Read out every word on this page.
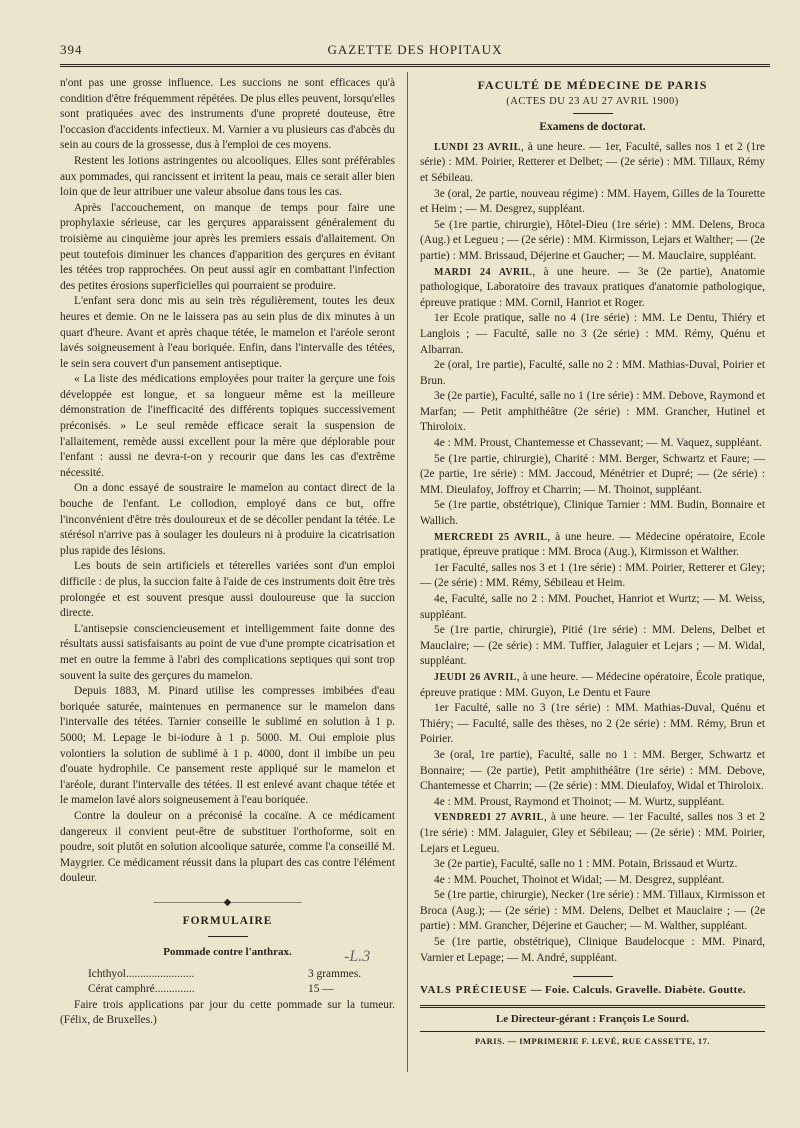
394	GAZETTE DES HOPITAUX

n'ont pas une grosse influence. Les succions ne sont efficaces qu'à condition d'être fréquemment répétées. De plus elles peuvent, lorsqu'elles sont pratiquées avec des instruments d'une propreté douteuse, être l'occasion d'accidents infectieux. M. Varnier a vu plusieurs cas d'abcès du sein au cours de la grossesse, dus à l'emploi de ces moyens.

Restent les lotions astringentes ou alcooliques. Elles sont préférables aux pommades, qui rancissent et irritent la peau, mais ce serait aller bien loin que de leur attribuer une valeur absolue dans tous les cas.

Après l'accouchement, on manque de temps pour faire une prophylaxie sérieuse, car les gerçures apparaissent généralement du troisième au cinquième jour après les premiers essais d'allaitement. On peut toutefois diminuer les chances d'apparition des gerçures en évitant les tétées trop rapprochées. On peut aussi agir en combattant l'infection des petites érosions superficielles qui pourraient se produire.

L'enfant sera donc mis au sein très régulièrement, toutes les deux heures et demie. On ne le laissera pas au sein plus de dix minutes à un quart d'heure. Avant et après chaque tétée, le mamelon et l'aréole seront lavés soigneusement à l'eau boriquée. Enfin, dans l'intervalle des tétées, le sein sera couvert d'un pansement antiseptique.

« La liste des médications employées pour traiter la gerçure une fois développée est longue, et sa longueur même est la meilleure démonstration de l'inefficacité des différents topiques successivement préconisés. » Le seul remède efficace serait la suspension de l'allaitement, remède aussi excellent pour la mère que déplorable pour l'enfant : aussi ne devra-t-on y recourir que dans les cas d'extrême nécessité.

On a donc essayé de soustraire le mamelon au contact direct de la bouche de l'enfant. Le collodion, employé dans ce but, offre l'inconvénient d'être très douloureux et de se décoller pendant la tétée. Le stérésol n'arrive pas à soulager les douleurs ni à produire la cicatrisation plus rapide des lésions.

Les bouts de sein artificiels et téterelles variées sont d'un emploi difficile : de plus, la succion faite à l'aide de ces instruments doit être très prolongée et est souvent presque aussi douloureuse que la succion directe.

L'antisepsie consciencieusement et intelligemment faite donne des résultats aussi satisfaisants au point de vue d'une prompte cicatrisation et met en outre la femme à l'abri des complications septiques qui sont trop souvent la suite des gerçures du mamelon.

Depuis 1883, M. Pinard utilise les compresses imbibées d'eau boriquée saturée, maintenues en permanence sur le mamelon dans l'intervalle des tétées. Tarnier conseille le sublimé en solution à 1 p. 5000; M. Lepage le bi-iodure à 1 p. 5000. M. Oui emploie plus volontiers la solution de sublimé à 1 p. 4000, dont il imbibe un peu d'ouate hydrophile. Ce pansement reste appliqué sur le mamelon et l'aréole, durant l'intervalle des tétées. Il est enlevé avant chaque tétée et le mamelon lavé alors soigneusement à l'eau boriquée.

Contre la douleur on a préconisé la cocaïne. A ce médicament dangereux il convient peut-être de substituer l'orthoforme, soit en poudre, soit plutôt en solution alcoolique saturée, comme l'a conseillé M. Maygrier. Ce médicament réussit dans la plupart des cas contre l'élément douleur.

———————◆———————
FORMULAIRE
Pommade contre l'anthrax.
Ichthyol........................	3 grammes.
Cérat camphré..............	15 —

Faire trois applications par jour du cette pommade sur la tumeur. (Félix, de Bruxelles.)

-L.3
FACULTÉ DE MÉDECINE DE PARIS
(ACTES DU 23 AU 27 AVRIL 1900)
Examens de doctorat.

LUNDI 23 AVRIL, à une heure. — 1er, Faculté, salles nos 1 et 2 (1re série) : MM. Poirier, Retterer et Delbet; — (2e série) : MM. Tillaux, Rémy et Sébileau.

3e (oral, 2e partie, nouveau régime) : MM. Hayem, Gilles de la Tourette et Heim ; — M. Desgrez, suppléant.

5e (1re partie, chirurgie), Hôtel-Dieu (1re série) : MM. Delens, Broca (Aug.) et Legueu ; — (2e série) : MM. Kirmisson, Lejars et Walther; — (2e partie) : MM. Brissaud, Déjerine et Gaucher; — M. Mauclaire, suppléant.

MARDI 24 AVRIL, à une heure. — 3e (2e partie), Anatomie pathologique, Laboratoire des travaux pratiques d'anatomie pathologique, épreuve pratique : MM. Cornil, Hanriot et Roger.

1er Ecole pratique, salle no 4 (1re série) : MM. Le Dentu, Thiéry et Langlois ; — Faculté, salle no 3 (2e série) : MM. Rémy, Quénu et Albarran.

2e (oral, 1re partie), Faculté, salle no 2 : MM. Mathias-Duval, Poirier et Brun.

3e (2e partie), Faculté, salle no 1 (1re série) : MM. Debove, Raymond et Marfan; — Petit amphithéâtre (2e série) : MM. Grancher, Hutinel et Thiroloix.

4e : MM. Proust, Chantemesse et Chassevant; — M. Vaquez, suppléant.

5e (1re partie, chirurgie), Charité : MM. Berger, Schwartz et Faure; — (2e partie, 1re série) : MM. Jaccoud, Ménétrier et Dupré; — (2e série) : MM. Dieulafoy, Joffroy et Charrin; — M. Thoinot, suppléant.

5e (1re partie, obstétrique), Clinique Tarnier : MM. Budin, Bonnaire et Wallich.

MERCREDI 25 AVRIL, à une heure. — Médecine opératoire, Ecole pratique, épreuve pratique : MM. Broca (Aug.), Kirmisson et Walther.

1er Faculté, salles nos 3 et 1 (1re série) : MM. Poirier, Retterer et Gley; — (2e série) : MM. Rémy, Sébileau et Heim.

4e, Faculté, salle no 2 : MM. Pouchet, Hanriot et Wurtz; — M. Weiss, suppléant.

5e (1re partie, chirurgie), Pitié (1re série) : MM. Delens, Delbet et Mauclaire; — (2e série) : MM. Tuffier, Jalaguier et Lejars ; — M. Widal, suppléant.

JEUDI 26 AVRIL, à une heure. — Médecine opératoire, École pratique, épreuve pratique : MM. Guyon, Le Dentu et Faure

1er Faculté, salle no 3 (1re série) : MM. Mathias-Duval, Quénu et Thiéry; — Faculté, salle des thèses, no 2 (2e série) : MM. Rémy, Brun et Poirier.

3e (oral, 1re partie), Faculté, salle no 1 : MM. Berger, Schwartz et Bonnaire; — (2e partie), Petit amphithéâtre (1re série) : MM. Debove, Chantemesse et Charrin; — (2e série) : MM. Dieulafoy, Widal et Thiroloix.

4e : MM. Proust, Raymond et Thoinot; — M. Wurtz, suppléant.

VENDREDI 27 AVRIL, à une heure. — 1er Faculté, salles nos 3 et 2 (1re série) : MM. Jalaguier, Gley et Sébileau; — (2e série) : MM. Poirier, Lejars et Legueu.

3e (2e partie), Faculté, salle no 1 : MM. Potain, Brissaud et Wurtz.

4e : MM. Pouchet, Thoinot et Widal; — M. Desgrez, suppléant.

5e (1re partie, chirurgie), Necker (1re série) : MM. Tillaux, Kirmisson et Broca (Aug.); — (2e série) : MM. Delens, Delbet et Mauclaire ; — (2e partie) : MM. Grancher, Déjerine et Gaucher; — M. Walther, suppléant.

5e (1re partie, obstétrique), Clinique Baudelocque : MM. Pinard, Varnier et Lepage; — M. André, suppléant.

VALS PRÉCIEUSE — Foie. Calculs. Gravelle. Diabète. Goutte.
Le Directeur-gérant : François Le Sourd.
PARIS. — IMPRIMERIE F. LEVÉ, RUE CASSETTE, 17.
